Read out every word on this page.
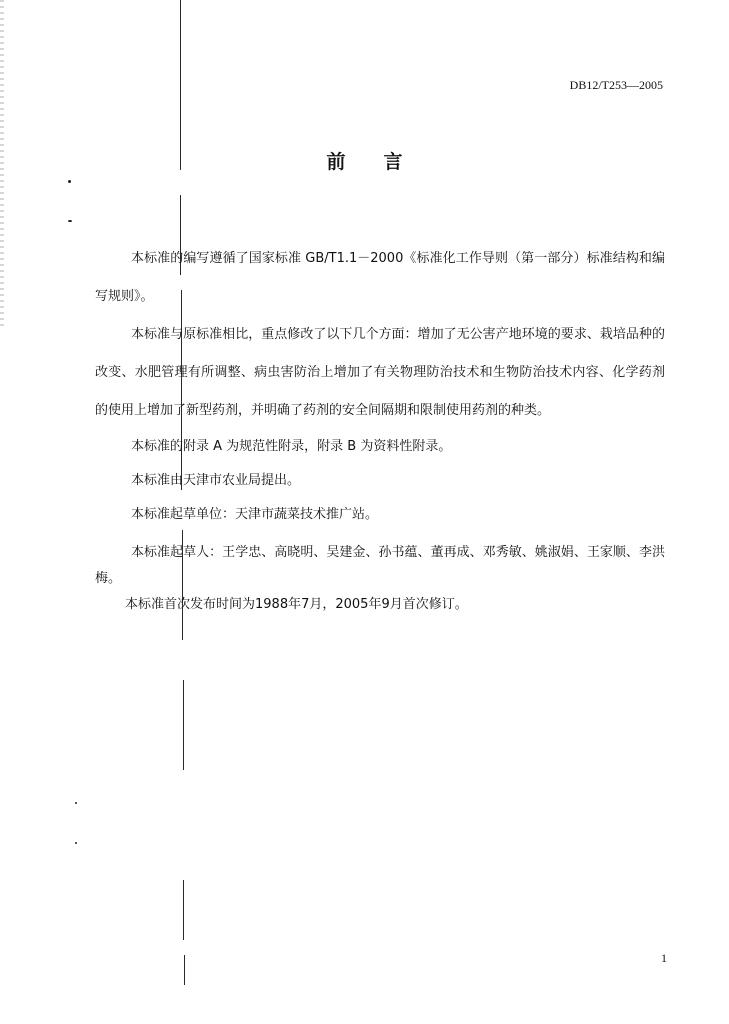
DB12/T253—2005
前言

本标准的编写遵循了国家标准 GB/T1.1－2000《标准化工作导则（第一部分）标准结构和编写规则》。

本标准与原标准相比，重点修改了以下几个方面：增加了无公害产地环境的要求、栽培品种的改变、水肥管理有所调整、病虫害防治上增加了有关物理防治技术和生物防治技术内容、化学药剂的使用上增加了新型药剂，并明确了药剂的安全间隔期和限制使用药剂的种类。

本标准的附录 A 为规范性附录，附录 B 为资料性附录。

本标准由天津市农业局提出。

本标准起草单位：天津市蔬菜技术推广站。

本标准起草人：王学忠、高晓明、吴建金、孙书蕴、董再成、邓秀敏、姚淑娟、王家顺、李洪梅。

本标准首次发布时间为1988年7月，2005年9月首次修订。

1
